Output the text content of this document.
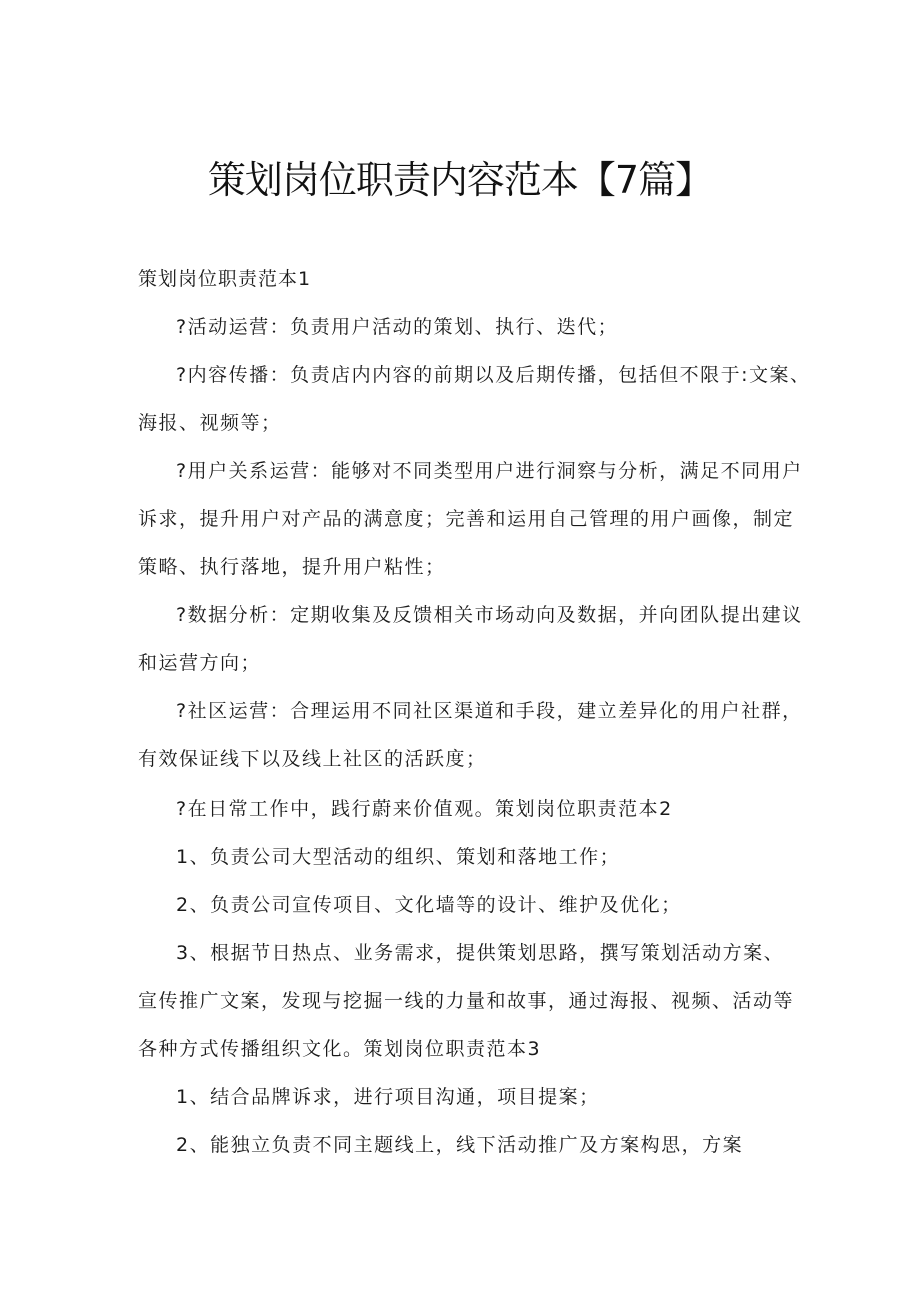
策划岗位职责内容范本【7篇】

策划岗位职责范本1

?活动运营：负责用户活动的策划、执行、迭代；

?内容传播：负责店内内容的前期以及后期传播，包括但不限于:文案、

海报、视频等；

?用户关系运营：能够对不同类型用户进行洞察与分析，满足不同用户

诉求，提升用户对产品的满意度；完善和运用自己管理的用户画像，制定

策略、执行落地，提升用户粘性；

?数据分析：定期收集及反馈相关市场动向及数据，并向团队提出建议

和运营方向；

?社区运营：合理运用不同社区渠道和手段，建立差异化的用户社群，

有效保证线下以及线上社区的活跃度；

?在日常工作中，践行蔚来价值观。策划岗位职责范本2

1、负责公司大型活动的组织、策划和落地工作；

2、负责公司宣传项目、文化墙等的设计、维护及优化；

3、根据节日热点、业务需求，提供策划思路，撰写策划活动方案、

宣传推广文案，发现与挖掘一线的力量和故事，通过海报、视频、活动等

各种方式传播组织文化。策划岗位职责范本3

1、结合品牌诉求，进行项目沟通，项目提案；

2、能独立负责不同主题线上，线下活动推广及方案构思，方案
